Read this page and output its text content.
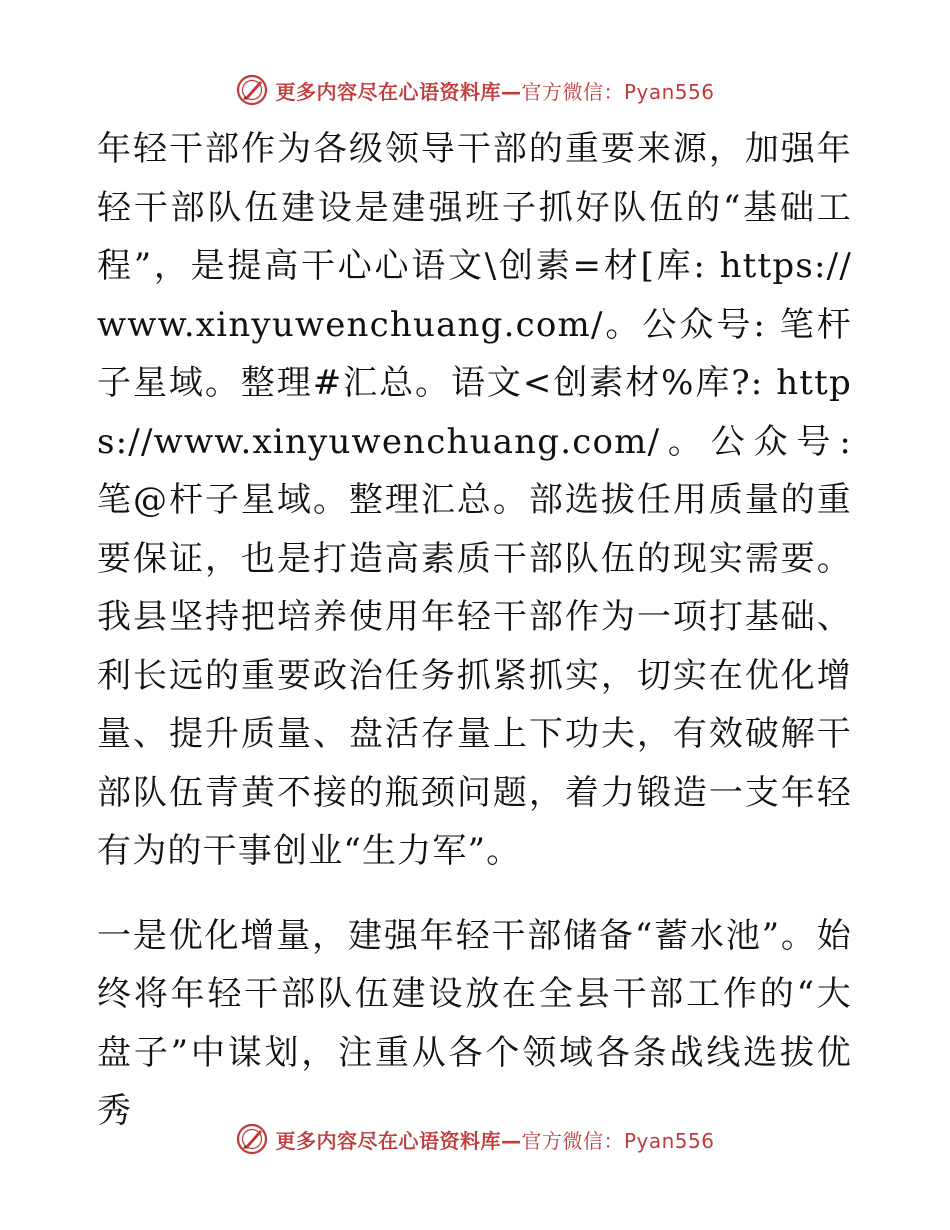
更多内容尽在心语资料库—官方微信：Pyan556

年轻干部作为各级领导干部的重要来源，加强年轻干部队伍建设是建强班子抓好队伍的“基础工程”，是提高干心心语文\创素=材[库: https://www.xinyuwenchuang.com/。公众号: 笔杆子星域。整理#汇总。语文<创素材%库?: https://www.xinyuwenchuang.com/。公众号: 笔@杆子星域。整理汇总。部选拔任用质量的重要保证，也是打造高素质干部队伍的现实需要。我县坚持把培养使用年轻干部作为一项打基础、利长远的重要政治任务抓紧抓实，切实在优化增量、提升质量、盘活存量上下功夫，有效破解干部队伍青黄不接的瓶颈问题，着力锻造一支年轻有为的干事创业“生力军”。

一是优化增量，建强年轻干部储备“蓄水池”。始终将年轻干部队伍建设放在全县干部工作的“大盘子”中谋划，注重从各个领域各条战线选拔优秀

更多内容尽在心语资料库—官方微信：Pyan556
